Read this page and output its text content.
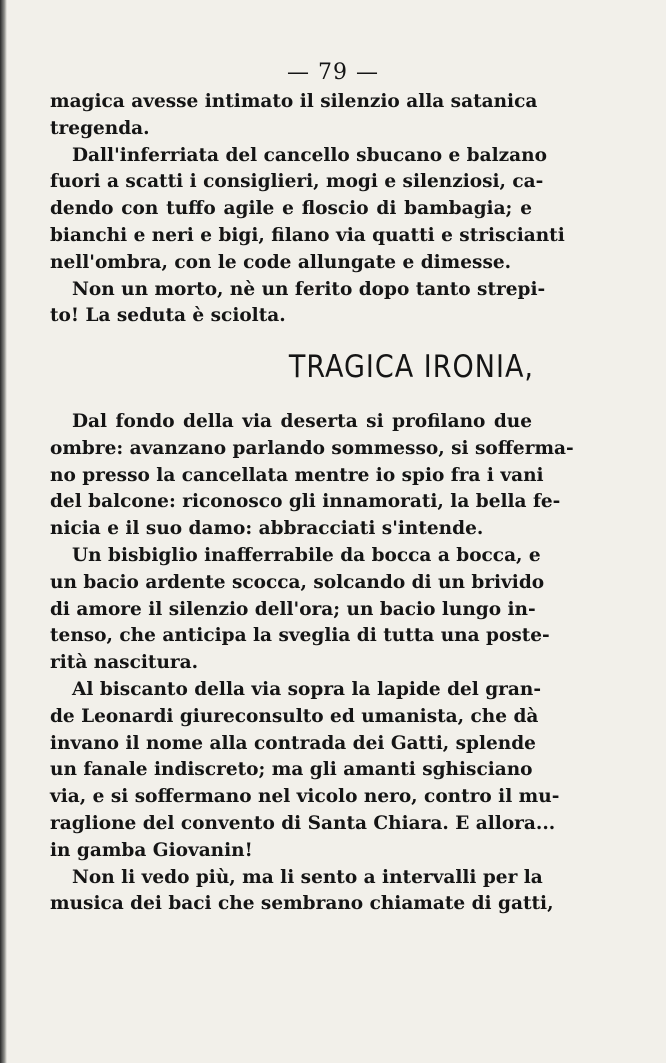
— 79 —
magica avesse intimato il silenzio alla satanica
tregenda.
Dall'inferriata del cancello sbucano e balzano
fuori a scatti i consiglieri, mogi e silenziosi, ca-
dendo con tuffo agile e floscio di bambagia; e
bianchi e neri e bigi, filano via quatti e striscianti
nell'ombra, con le code allungate e dimesse.
Non un morto, nè un ferito dopo tanto strepi-
to! La seduta è sciolta.
TRAGICA IRONIA,
Dal fondo della via deserta si profilano due
ombre: avanzano parlando sommesso, si sofferma-
no presso la cancellata mentre io spio fra i vani
del balcone: riconosco gli innamorati, la bella fe-
nicia e il suo damo: abbracciati s'intende.
Un bisbiglio inafferrabile da bocca a bocca, e
un bacio ardente scocca, solcando di un brivido
di amore il silenzio dell'ora; un bacio lungo in-
tenso, che anticipa la sveglia di tutta una poste-
rità nascitura.
Al biscanto della via sopra la lapide del gran-
de Leonardi giureconsulto ed umanista, che dà
invano il nome alla contrada dei Gatti, splende
un fanale indiscreto; ma gli amanti sghisciano
via, e si soffermano nel vicolo nero, contro il mu-
raglione del convento di Santa Chiara. E allora...
in gamba Giovanin!
Non li vedo più, ma li sento a intervalli per la
musica dei baci che sembrano chiamate di gatti,
